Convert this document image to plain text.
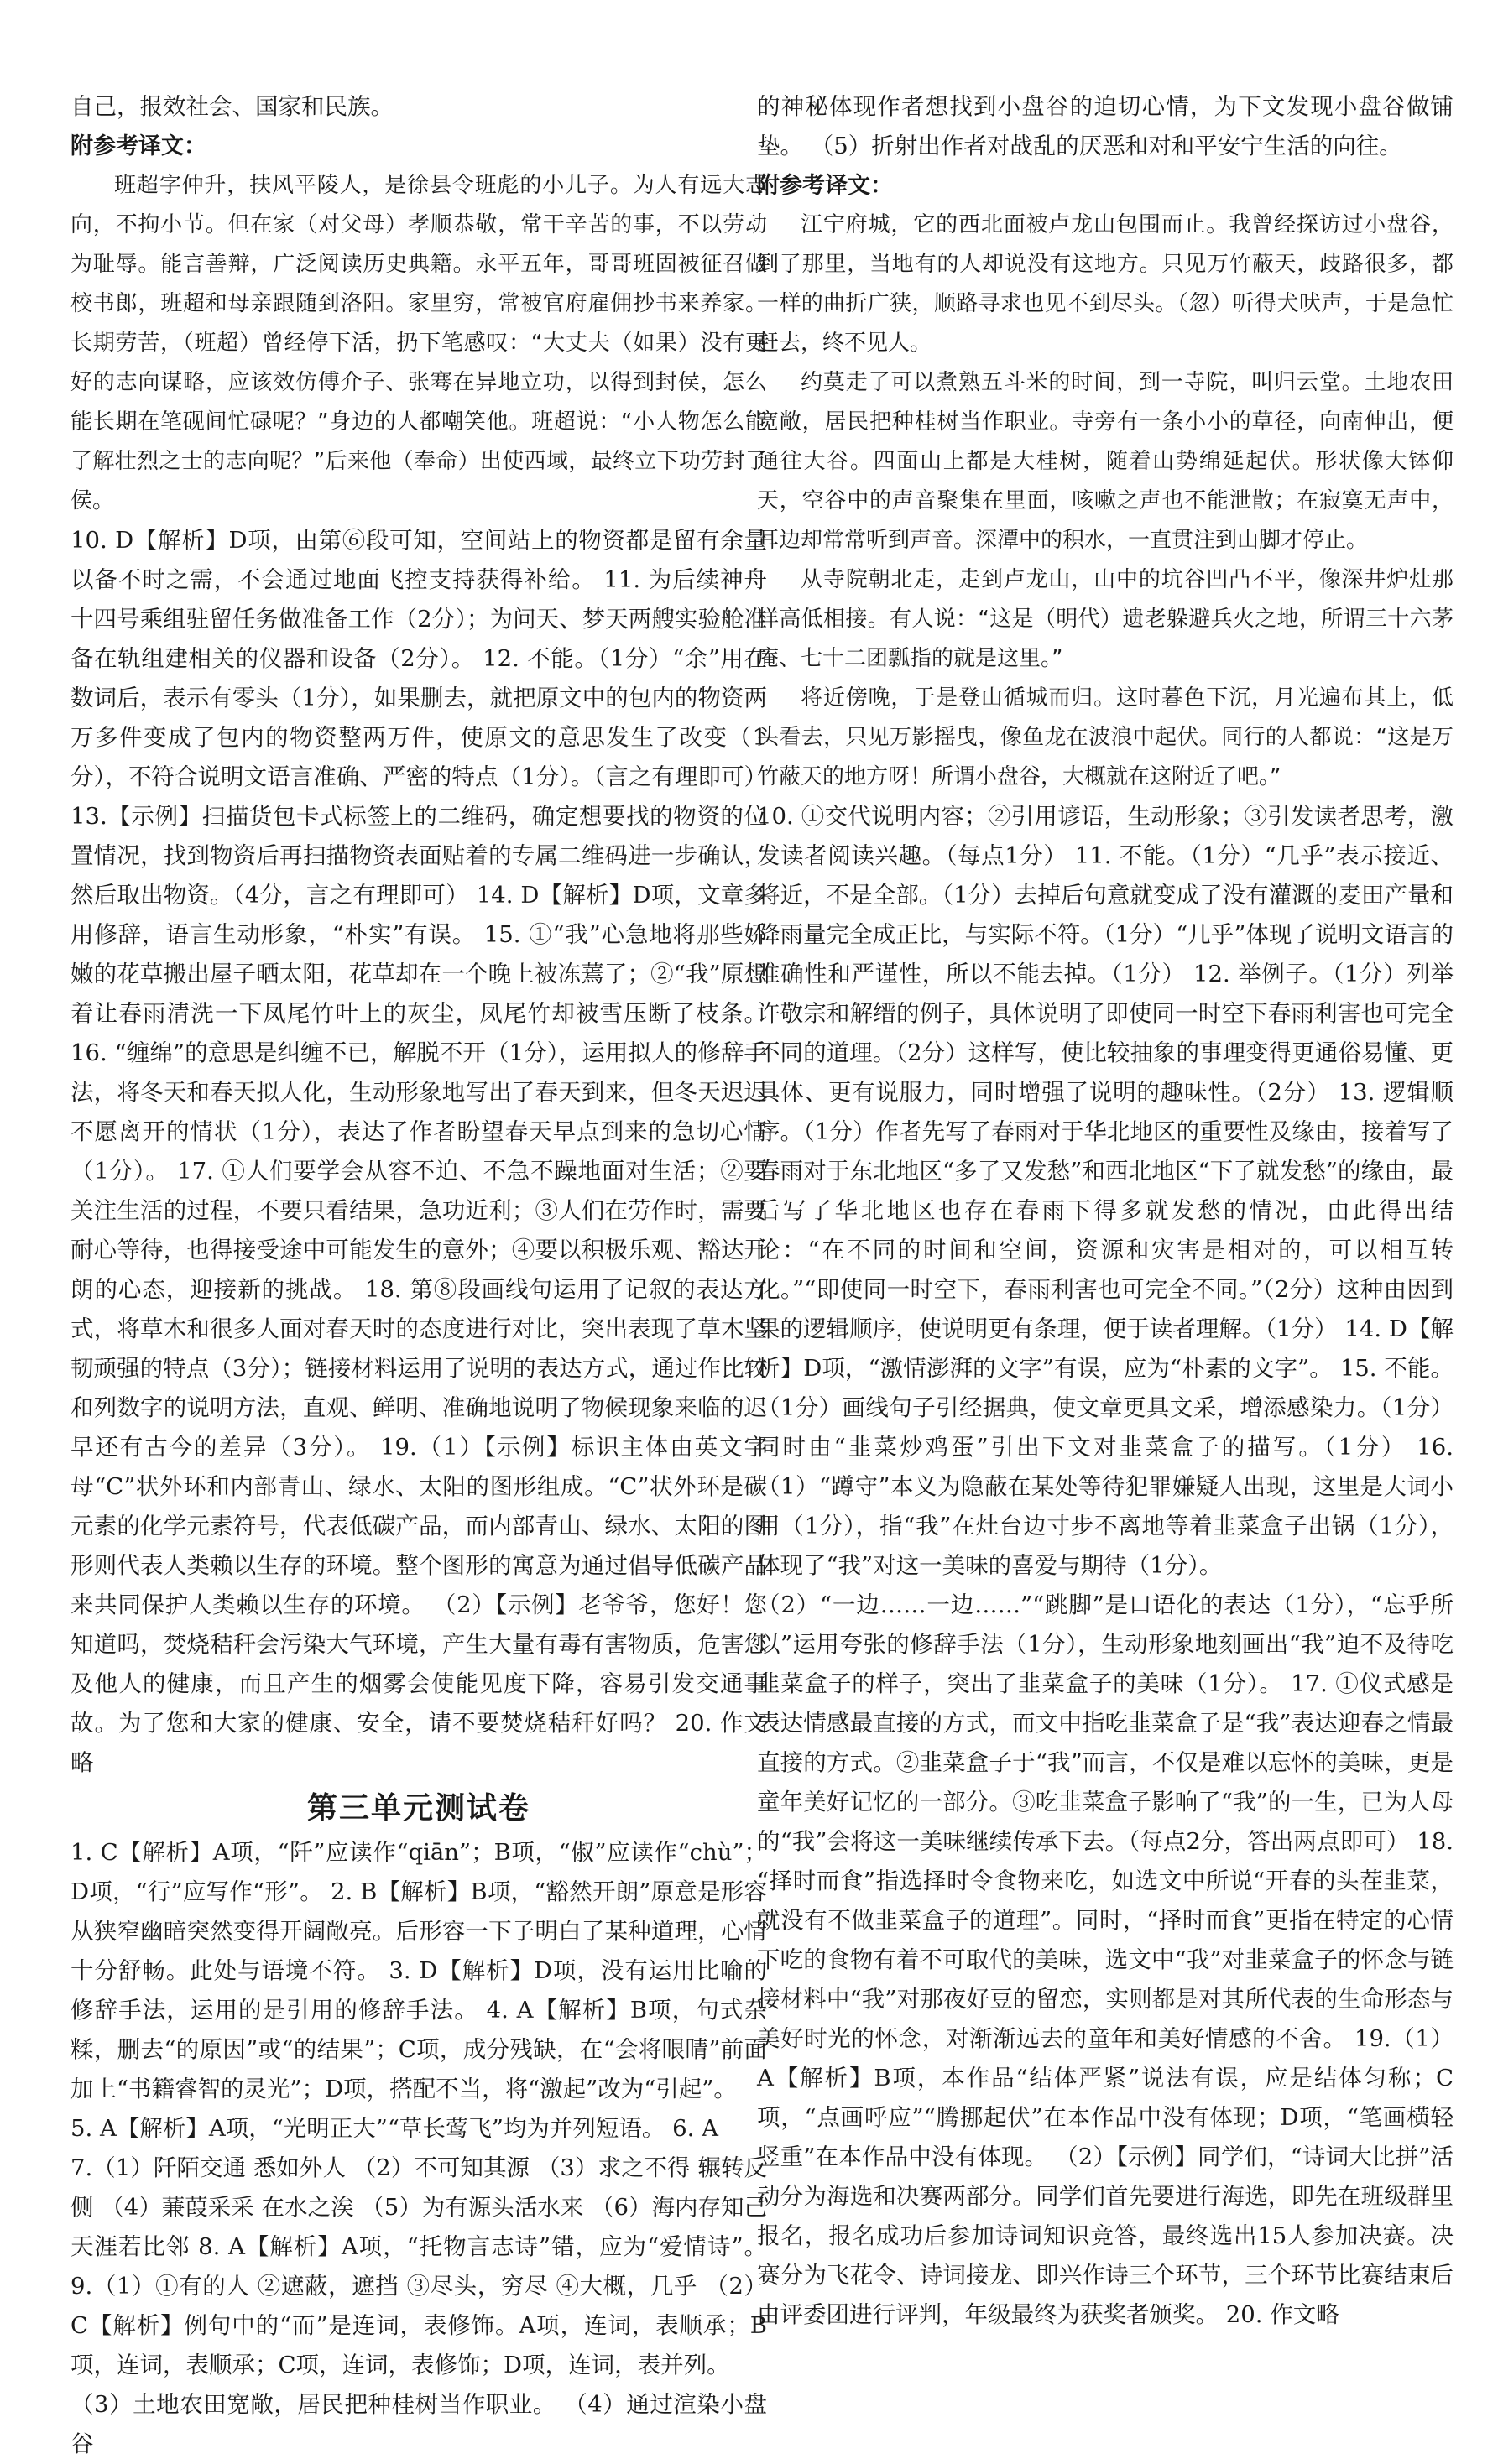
自己，报效社会、国家和民族。

附参考译文：

班超字仲升，扶风平陵人，是徐县令班彪的小儿子。为人有远大志向，不拘小节。但在家（对父母）孝顺恭敬，常干辛苦的事，不以劳动为耻辱。能言善辩，广泛阅读历史典籍。永平五年，哥哥班固被征召做校书郎，班超和母亲跟随到洛阳。家里穷，常被官府雇佣抄书来养家。长期劳苦，（班超）曾经停下活，扔下笔感叹：“大丈夫（如果）没有更好的志向谋略，应该效仿傅介子、张骞在异地立功，以得到封侯，怎么能长期在笔砚间忙碌呢？”身边的人都嘲笑他。班超说：“小人物怎么能了解壮烈之士的志向呢？”后来他（奉命）出使西域，最终立下功劳封了侯。

10. D【解析】D项，由第⑥段可知，空间站上的物资都是留有余量以备不时之需，不会通过地面飞控支持获得补给。 11. 为后续神舟十四号乘组驻留任务做准备工作（2分）；为问天、梦天两艘实验舱准备在轨组建相关的仪器和设备（2分）。 12. 不能。（1分）“余”用在数词后，表示有零头（1分），如果删去，就把原文中的包内的物资两万多件变成了包内的物资整两万件，使原文的意思发生了改变（1分），不符合说明文语言准确、严密的特点（1分）。（言之有理即可） 13.【示例】扫描货包卡式标签上的二维码，确定想要找的物资的位置情况，找到物资后再扫描物资表面贴着的专属二维码进一步确认，然后取出物资。（4分，言之有理即可） 14. D【解析】D项，文章多用修辞，语言生动形象，“朴实”有误。 15. ①“我”心急地将那些娇嫩的花草搬出屋子晒太阳，花草却在一个晚上被冻蔫了；②“我”原想着让春雨清洗一下凤尾竹叶上的灰尘，凤尾竹却被雪压断了枝条。 16. “缠绵”的意思是纠缠不已，解脱不开（1分），运用拟人的修辞手法，将冬天和春天拟人化，生动形象地写出了春天到来，但冬天迟迟不愿离开的情状（1分），表达了作者盼望春天早点到来的急切心情（1分）。 17. ①人们要学会从容不迫、不急不躁地面对生活；②要关注生活的过程，不要只看结果，急功近利；③人们在劳作时，需要耐心等待，也得接受途中可能发生的意外；④要以积极乐观、豁达开朗的心态，迎接新的挑战。 18. 第⑧段画线句运用了记叙的表达方式，将草木和很多人面对春天时的态度进行对比，突出表现了草木坚韧顽强的特点（3分）；链接材料运用了说明的表达方式，通过作比较和列数字的说明方法，直观、鲜明、准确地说明了物候现象来临的迟早还有古今的差异（3分）。 19.（1）【示例】标识主体由英文字母“C”状外环和内部青山、绿水、太阳的图形组成。“C”状外环是碳元素的化学元素符号，代表低碳产品，而内部青山、绿水、太阳的图形则代表人类赖以生存的环境。整个图形的寓意为通过倡导低碳产品来共同保护人类赖以生存的环境。 （2）【示例】老爷爷，您好！您知道吗，焚烧秸秆会污染大气环境，产生大量有毒有害物质，危害您及他人的健康，而且产生的烟雾会使能见度下降，容易引发交通事故。为了您和大家的健康、安全，请不要焚烧秸秆好吗？ 20. 作文略

第三单元测试卷

1. C【解析】A项，“阡”应读作“qiān”；B项，“俶”应读作“chù”；D项，“行”应写作“形”。 2. B【解析】B项，“豁然开朗”原意是形容从狭窄幽暗突然变得开阔敞亮。后形容一下子明白了某种道理，心情十分舒畅。此处与语境不符。 3. D【解析】D项，没有运用比喻的修辞手法，运用的是引用的修辞手法。 4. A【解析】B项，句式杂糅，删去“的原因”或“的结果”；C项，成分残缺，在“会将眼睛”前面加上“书籍睿智的灵光”；D项，搭配不当，将“激起”改为“引起”。

5. A【解析】A项，“光明正大”“草长莺飞”均为并列短语。 6. A

7.（1）阡陌交通 悉如外人 （2）不可知其源 （3）求之不得 辗转反侧 （4）蒹葭采采 在水之涘 （5）为有源头活水来 （6）海内存知己 天涯若比邻 8. A【解析】A项，“托物言志诗”错，应为“爱情诗”。 9.（1）①有的人 ②遮蔽，遮挡 ③尽头，穷尽 ④大概，几乎 （2）C【解析】例句中的“而”是连词，表修饰。A项，连词，表顺承；B项，连词，表顺承；C项，连词，表修饰；D项，连词，表并列。

（3）土地农田宽敞，居民把种桂树当作职业。 （4）通过渲染小盘谷

的神秘体现作者想找到小盘谷的迫切心情，为下文发现小盘谷做铺垫。 （5）折射出作者对战乱的厌恶和对和平安宁生活的向往。

附参考译文：

江宁府城，它的西北面被卢龙山包围而止。我曾经探访过小盘谷，到了那里，当地有的人却说没有这地方。只见万竹蔽天，歧路很多，都一样的曲折广狭，顺路寻求也见不到尽头。（忽）听得犬吠声，于是急忙赶去，终不见人。

约莫走了可以煮熟五斗米的时间，到一寺院，叫归云堂。土地农田宽敞，居民把种桂树当作职业。寺旁有一条小小的草径，向南伸出，便通往大谷。四面山上都是大桂树，随着山势绵延起伏。形状像大钵仰天，空谷中的声音聚集在里面，咳嗽之声也不能泄散；在寂寞无声中，耳边却常常听到声音。深潭中的积水，一直贯注到山脚才停止。

从寺院朝北走，走到卢龙山，山中的坑谷凹凸不平，像深井炉灶那样高低相接。有人说：“这是（明代）遗老躲避兵火之地，所谓三十六茅庵、七十二团瓢指的就是这里。”

将近傍晚，于是登山循城而归。这时暮色下沉，月光遍布其上，低头看去，只见万影摇曳，像鱼龙在波浪中起伏。同行的人都说：“这是万竹蔽天的地方呀！所谓小盘谷，大概就在这附近了吧。”

10. ①交代说明内容；②引用谚语，生动形象；③引发读者思考，激发读者阅读兴趣。（每点1分） 11. 不能。（1分）“几乎”表示接近、将近，不是全部。（1分）去掉后句意就变成了没有灌溉的麦田产量和降雨量完全成正比，与实际不符。（1分）“几乎”体现了说明文语言的准确性和严谨性，所以不能去掉。（1分） 12. 举例子。（1分）列举许敬宗和解缙的例子，具体说明了即使同一时空下春雨利害也可完全不同的道理。（2分）这样写，使比较抽象的事理变得更通俗易懂、更具体、更有说服力，同时增强了说明的趣味性。（2分） 13. 逻辑顺序。（1分）作者先写了春雨对于华北地区的重要性及缘由，接着写了春雨对于东北地区“多了又发愁”和西北地区“下了就发愁”的缘由，最后写了华北地区也存在春雨下得多就发愁的情况，由此得出结论：“在不同的时间和空间，资源和灾害是相对的，可以相互转化。”“即使同一时空下，春雨利害也可完全不同。”（2分）这种由因到果的逻辑顺序，使说明更有条理，便于读者理解。（1分） 14. D【解析】D项，“激情澎湃的文字”有误，应为“朴素的文字”。 15. 不能。（1分）画线句子引经据典，使文章更具文采，增添感染力。（1分）同时由“韭菜炒鸡蛋”引出下文对韭菜盒子的描写。（1分） 16.（1）“蹲守”本义为隐蔽在某处等待犯罪嫌疑人出现，这里是大词小用（1分），指“我”在灶台边寸步不离地等着韭菜盒子出锅（1分），体现了“我”对这一美味的喜爱与期待（1分）。

（2）“一边……一边……”“跳脚”是口语化的表达（1分），“忘乎所以”运用夸张的修辞手法（1分），生动形象地刻画出“我”迫不及待吃韭菜盒子的样子，突出了韭菜盒子的美味（1分）。 17. ①仪式感是表达情感最直接的方式，而文中指吃韭菜盒子是“我”表达迎春之情最直接的方式。②韭菜盒子于“我”而言，不仅是难以忘怀的美味，更是童年美好记忆的一部分。③吃韭菜盒子影响了“我”的一生，已为人母的“我”会将这一美味继续传承下去。（每点2分，答出两点即可） 18. “择时而食”指选择时令食物来吃，如选文中所说“开春的头茬韭菜，就没有不做韭菜盒子的道理”。同时，“择时而食”更指在特定的心情下吃的食物有着不可取代的美味，选文中“我”对韭菜盒子的怀念与链接材料中“我”对那夜好豆的留恋，实则都是对其所代表的生命形态与美好时光的怀念，对渐渐远去的童年和美好情感的不舍。 19.（1）A【解析】B项，本作品“结体严紧”说法有误，应是结体匀称；C项，“点画呼应”“腾挪起伏”在本作品中没有体现；D项，“笔画横轻竖重”在本作品中没有体现。 （2）【示例】同学们，“诗词大比拼”活动分为海选和决赛两部分。同学们首先要进行海选，即先在班级群里报名，报名成功后参加诗词知识竞答，最终选出15人参加决赛。决赛分为飞花令、诗词接龙、即兴作诗三个环节，三个环节比赛结束后由评委团进行评判，年级最终为获奖者颁奖。 20. 作文略
